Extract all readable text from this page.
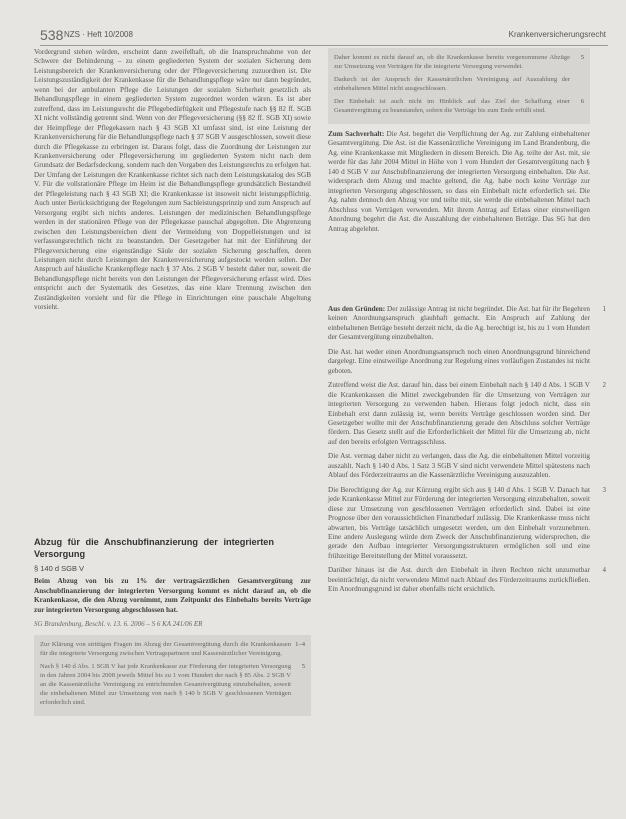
538 NZS · Heft 10/2008	Krankenversicherungsrecht

Vordergrund stehen würden, erscheint dann zweifelhaft, ob die Inanspruchnahme von der Schwere der Behinderung – zu einem gegliederten System der sozialen Sicherung dem Leistungsbereich der Krankenversicherung oder der Pflegeversicherung zuzuordnen ist. Die Leistungszuständigkeit der Krankenkasse für die Behandlungspflege wäre nur dann begründet, wenn bei der ambulanten Pflege die Leistungen der sozialen Sicherheit gesetzlich als Behandlungspflege in einem gegliederten System zugeordnet worden wären. Es ist aber zutreffend, dass im Leistungsrecht die Pflegebedürftigkeit und Pflegestufe nach §§ 82 ff. SGB XI nicht vollständig getrennt sind. Wenn von der Pflegeversicherung (§§ 82 ff. SGB XI) sowie der Heimpflege der Pflegekassen nach § 43 SGB XI umfasst sind, ist eine Leistung der Krankenversicherung für die Behandlungspflege nach § 37 SGB V ausgeschlossen, soweit diese durch die Pflegekasse zu erbringen ist. Daraus folgt, dass die Zuordnung der Leistungen zur Krankenversicherung oder Pflegeversicherung im gegliederten System nicht nach dem Grundsatz der Bedarfsdeckung, sondern nach den Vorgaben des Leistungsrechts zu erfolgen hat. Der Umfang der Leistungen der Krankenkasse richtet sich nach dem Leistungskatalog des SGB V. Für die vollstationäre Pflege im Heim ist die Behandlungspflege grundsätzlich Bestandteil der Pflegeleistung nach § 43 SGB XI; die Krankenkasse ist insoweit nicht leistungspflichtig. Auch unter Berücksichtigung der Regelungen zum Sachleistungsprinzip und zum Anspruch auf Versorgung ergibt sich nichts anderes. Leistungen der medizinischen Behandlungspflege werden in der stationären Pflege von der Pflegekasse pauschal abgegolten. Die Abgrenzung zwischen den Leistungsbereichen dient der Vermeidung von Doppelleistungen und ist verfassungsrechtlich nicht zu beanstanden. Der Gesetzgeber hat mit der Einführung der Pflegeversicherung eine eigenständige Säule der sozialen Sicherung geschaffen, deren Leistungen nicht durch Leistungen der Krankenversicherung aufgestockt werden sollen. Der Anspruch auf häusliche Krankenpflege nach § 37 Abs. 2 SGB V besteht daher nur, soweit die Behandlungspflege nicht bereits von den Leistungen der Pflegeversicherung erfasst wird. Dies entspricht auch der Systematik des Gesetzes, das eine klare Trennung zwischen den Zuständigkeiten vorsieht und für die Pflege in Einrichtungen eine pauschale Abgeltung vorsieht.

Abzug für die Anschubfinanzierung der integrierten Versorgung
§ 140 d SGB V

Beim Abzug von bis zu 1% der vertragsärztlichen Gesamtvergütung zur Anschubfinanzierung der integrierten Versorgung kommt es nicht darauf an, ob die Krankenkasse, die den Abzug vornimmt, zum Zeitpunkt des Einbehalts bereits Verträge zur integrierten Versorgung abgeschlossen hat.

SG Brandenburg, Beschl. v. 13. 6. 2006 – S 6 KA 241/06 ER

Zur Klärung von strittigen Fragen im Abzug der Gesamtvergütung durch die Krankenkassen für die integrierte Versorgung zwischen Vertragspartnern und Kassenärztlicher Vereinigung.
1–4
Nach § 140 d Abs. 1 SGB V hat jede Krankenkasse zur Förderung der integrierten Versorgung in den Jahren 2004 bis 2008 jeweils Mittel bis zu 1 vom Hundert der nach § 85 Abs. 2 SGB V an die Kassenärztliche Vereinigung zu entrichtenden Gesamtvergütung einzubehalten, soweit die einbehaltenen Mittel zur Umsetzung von nach § 140 b SGB V geschlossenen Verträgen erforderlich sind.
5
Daher kommt es nicht darauf an, ob die Krankenkasse bereits vorgenommene Abzüge zur Umsetzung von Verträgen für die integrierte Versorgung verwendet.
5
Dadurch ist der Anspruch der Kassenärztlichen Vereinigung auf Auszahlung der einbehaltenen Mittel nicht ausgeschlossen.
Der Einbehalt ist auch nicht im Hinblick auf das Ziel der Schaffung einer Gesamtvergütung zu beanstanden, sofern die Verträge bis zum Ende erfüllt sind.
6

Zum Sachverhalt: Die Ast. begehrt die Verpflichtung der Ag. zur Zahlung einbehaltener Gesamtvergütung. Die Ast. ist die Kassenärztliche Vereinigung im Land Brandenburg, die Ag. eine Krankenkasse mit Mitgliedern in diesem Bereich. Die Ag. teilte der Ast. mit, sie werde für das Jahr 2004 Mittel in Höhe von 1 vom Hundert der Gesamtvergütung nach § 140 d SGB V zur Anschubfinanzierung der integrierten Versorgung einbehalten. Die Ast. widersprach dem Abzug und machte geltend, die Ag. habe noch keine Verträge zur integrierten Versorgung abgeschlossen, so dass ein Einbehalt nicht erforderlich sei. Die Ag. nahm dennoch den Abzug vor und teilte mit, sie werde die einbehaltenen Mittel nach Abschluss von Verträgen verwenden. Mit ihrem Antrag auf Erlass einer einstweiligen Anordnung begehrt die Ast. die Auszahlung der einbehaltenen Beträge. Das SG hat den Antrag abgelehnt.

Aus den Gründen: Der zulässige Antrag ist nicht begründet. Die Ast. hat für ihr Begehren keinen Anordnungsanspruch glaubhaft gemacht. Ein Anspruch auf Zahlung der einbehaltenen Beträge besteht derzeit nicht, da die Ag. berechtigt ist, bis zu 1 vom Hundert der Gesamtvergütung einzubehalten.
1

Die Ast. hat weder einen Anordnungsanspruch noch einen Anordnungsgrund hinreichend dargelegt. Eine einstweilige Anordnung zur Regelung eines vorläufigen Zustandes ist nicht geboten.

Zutreffend weist die Ast. darauf hin, dass bei einem Einbehalt nach § 140 d Abs. 1 SGB V die Krankenkassen die Mittel zweckgebunden für die Umsetzung von Verträgen zur integrierten Versorgung zu verwenden haben. Hieraus folgt jedoch nicht, dass ein Einbehalt erst dann zulässig ist, wenn bereits Verträge geschlossen worden sind. Der Gesetzgeber wollte mit der Anschubfinanzierung gerade den Abschluss solcher Verträge fördern. Das Gesetz stellt auf die Erforderlichkeit der Mittel für die Umsetzung ab, nicht auf den bereits erfolgten Vertragsschluss.
2

Die Ast. vermag daher nicht zu verlangen, dass die Ag. die einbehaltenen Mittel vorzeitig auszahlt. Nach § 140 d Abs. 1 Satz 3 SGB V sind nicht verwendete Mittel spätestens nach Ablauf des Förderzeitraums an die Kassenärztliche Vereinigung auszuzahlen.

Die Berechtigung der Ag. zur Kürzung ergibt sich aus § 140 d Abs. 1 SGB V. Danach hat jede Krankenkasse Mittel zur Förderung der integrierten Versorgung einzubehalten, soweit diese zur Umsetzung von geschlossenen Verträgen erforderlich sind. Dabei ist eine Prognose über den voraussichtlichen Finanzbedarf zulässig. Die Krankenkasse muss nicht abwarten, bis Verträge tatsächlich umgesetzt werden, um den Einbehalt vorzunehmen. Eine andere Auslegung würde dem Zweck der Anschubfinanzierung widersprechen, die gerade den Aufbau integrierter Versorgungsstrukturen ermöglichen soll und eine frühzeitige Bereitstellung der Mittel voraussetzt.
3

Darüber hinaus ist die Ast. durch den Einbehalt in ihren Rechten nicht unzumutbar beeinträchtigt, da nicht verwendete Mittel nach Ablauf des Förderzeitraums zurückfließen. Ein Anordnungsgrund ist daher ebenfalls nicht ersichtlich.
4
